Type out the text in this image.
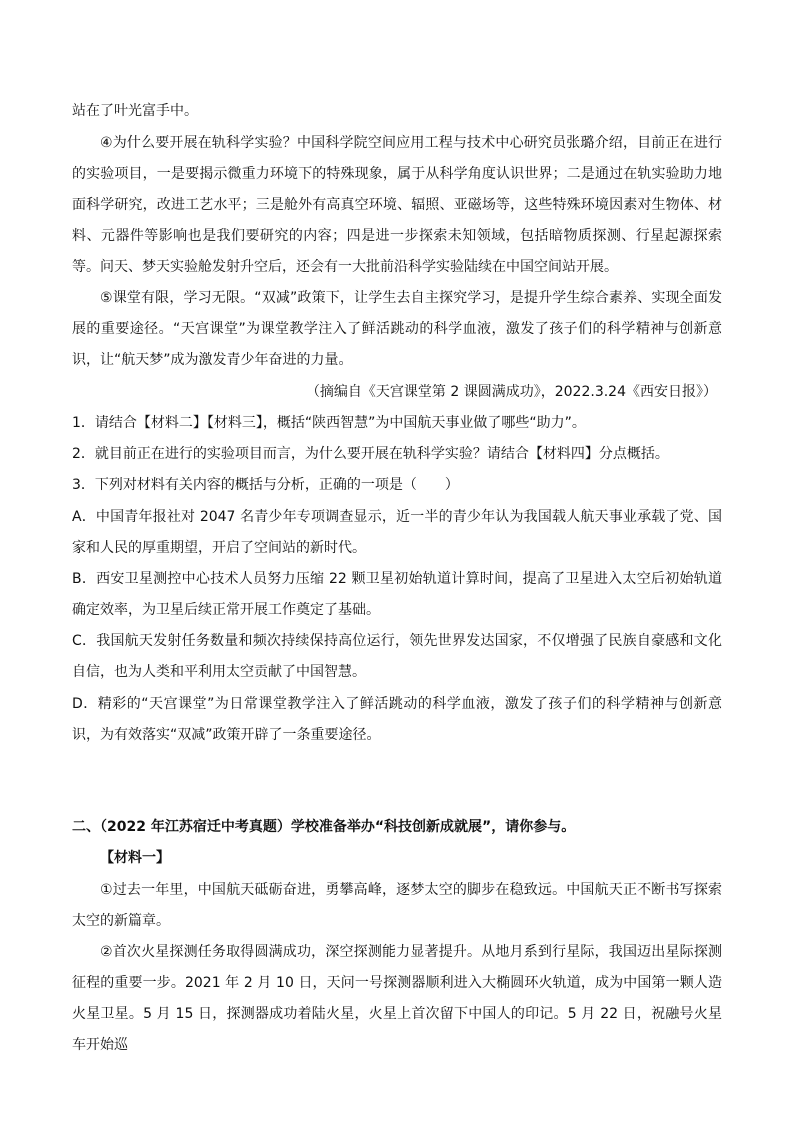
站在了叶光富手中。

④为什么要开展在轨科学实验？中国科学院空间应用工程与技术中心研究员张璐介绍，目前正在进行的实验项目，一是要揭示微重力环境下的特殊现象，属于从科学角度认识世界；二是通过在轨实验助力地面科学研究，改进工艺水平；三是舱外有高真空环境、辐照、亚磁场等，这些特殊环境因素对生物体、材料、元器件等影响也是我们要研究的内容；四是进一步探索未知领域，包括暗物质探测、行星起源探索等。问天、梦天实验舱发射升空后，还会有一大批前沿科学实验陆续在中国空间站开展。

⑤课堂有限，学习无限。“双减”政策下，让学生去自主探究学习，是提升学生综合素养、实现全面发展的重要途径。“天宫课堂”为课堂教学注入了鲜活跳动的科学血液，激发了孩子们的科学精神与创新意识，让“航天梦”成为激发青少年奋进的力量。

（摘编自《天宫课堂第 2 课圆满成功》，2022.3.24《西安日报》）

1．请结合【材料二】【材料三】，概括“陕西智慧”为中国航天事业做了哪些“助力”。

2．就目前正在进行的实验项目而言，为什么要开展在轨科学实验？请结合【材料四】分点概括。

3．下列对材料有关内容的概括与分析，正确的一项是（　　）

A．中国青年报社对 2047 名青少年专项调查显示，近一半的青少年认为我国载人航天事业承载了党、国家和人民的厚重期望，开启了空间站的新时代。

B．西安卫星测控中心技术人员努力压缩 22 颗卫星初始轨道计算时间，提高了卫星进入太空后初始轨道确定效率，为卫星后续正常开展工作奠定了基础。

C．我国航天发射任务数量和频次持续保持高位运行，领先世界发达国家，不仅增强了民族自豪感和文化自信，也为人类和平利用太空贡献了中国智慧。

D．精彩的“天宫课堂”为日常课堂教学注入了鲜活跳动的科学血液，激发了孩子们的科学精神与创新意识，为有效落实“双减”政策开辟了一条重要途径。

二、（2022 年江苏宿迁中考真题）学校准备举办“科技创新成就展”，请你参与。

【材料一】

①过去一年里，中国航天砥砺奋进，勇攀高峰，逐梦太空的脚步在稳致远。中国航天正不断书写探索太空的新篇章。

②首次火星探测任务取得圆满成功，深空探测能力显著提升。从地月系到行星际，我国迈出星际探测征程的重要一步。2021 年 2 月 10 日，天问一号探测器顺利进入大椭圆环火轨道，成为中国第一颗人造火星卫星。5 月 15 日，探测器成功着陆火星，火星上首次留下中国人的印记。5 月 22 日，祝融号火星车开始巡
